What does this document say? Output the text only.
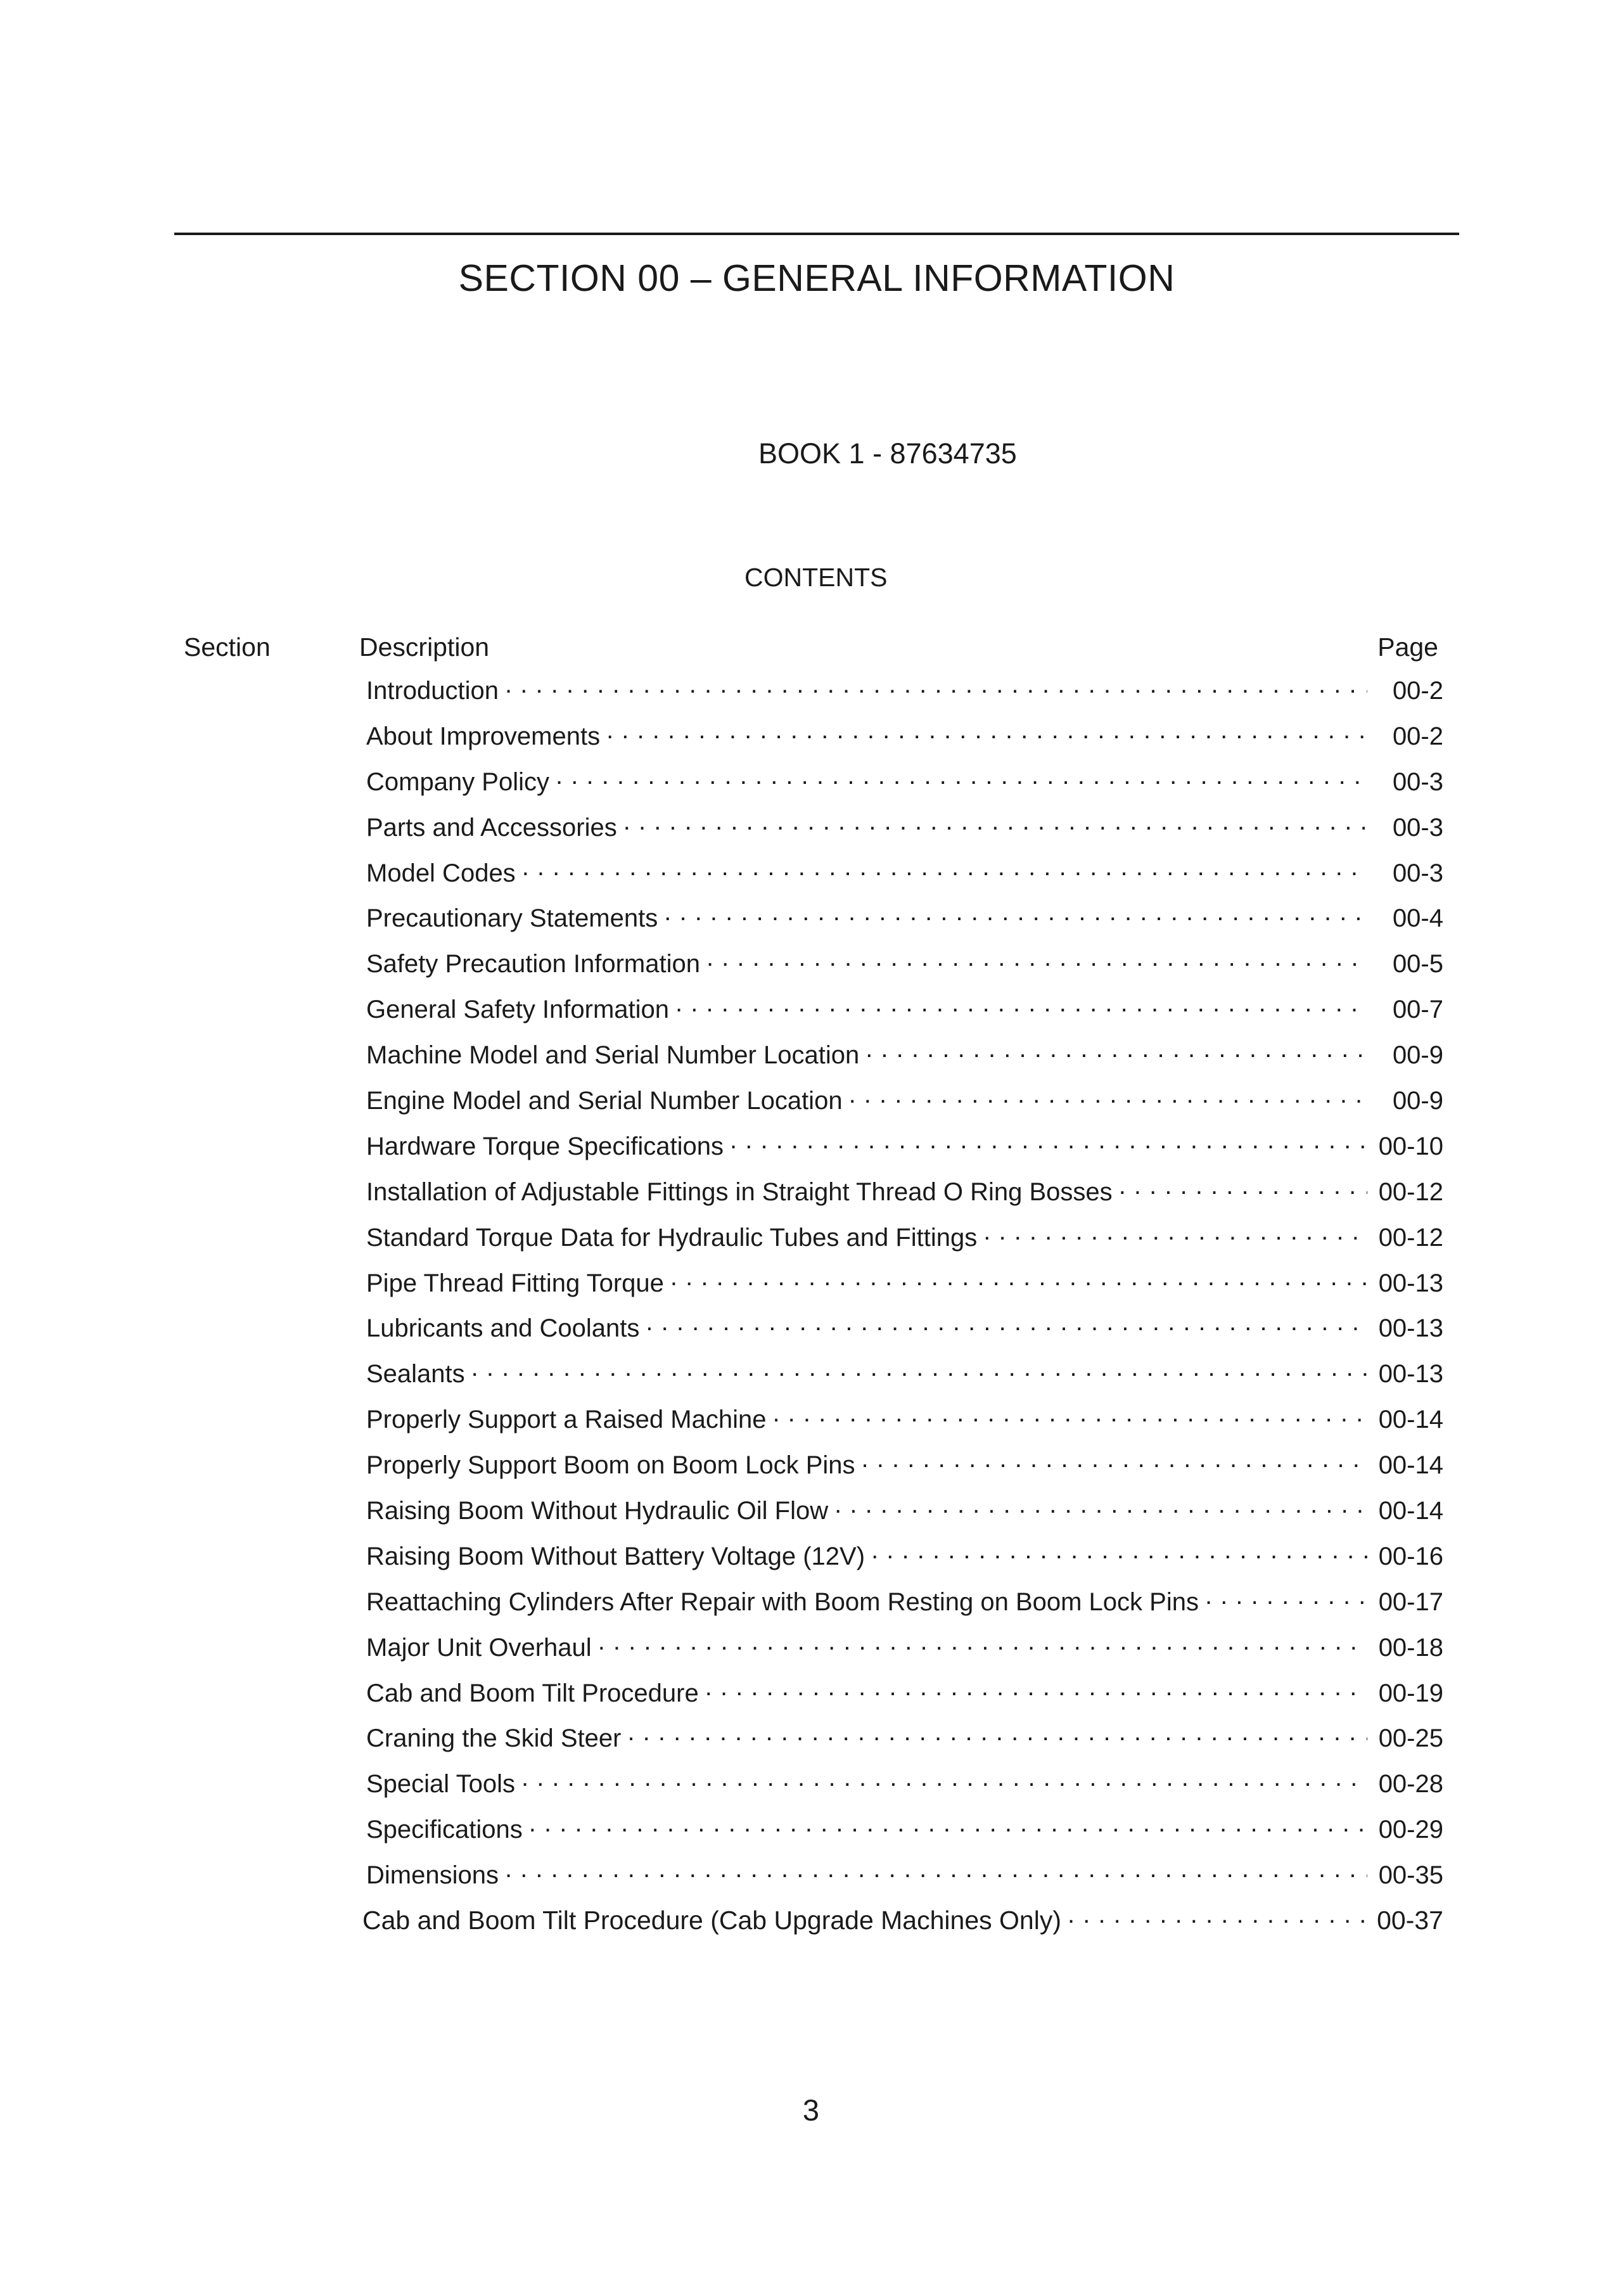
SECTION 00 – GENERAL INFORMATION
BOOK 1 - 87634735
CONTENTS
Section	Description	Page
Introduction . . .	00-2
About Improvements . . .	00-2
Company Policy . . .	00-3
Parts and Accessories . . .	00-3
Model Codes . . .	00-3
Precautionary Statements . . .	00-4
Safety Precaution Information . . .	00-5
General Safety Information . . .	00-7
Machine Model and Serial Number Location . . .	00-9
Engine Model and Serial Number Location . . .	00-9
Hardware Torque Specifications . . .	00-10
Installation of Adjustable Fittings in Straight Thread O Ring Bosses . . .	00-12
Standard Torque Data for Hydraulic Tubes and Fittings . . .	00-12
Pipe Thread Fitting Torque . . .	00-13
Lubricants and Coolants . . .	00-13
Sealants . . .	00-13
Properly Support a Raised Machine . . .	00-14
Properly Support Boom on Boom Lock Pins . . .	00-14
Raising Boom Without Hydraulic Oil Flow . . .	00-14
Raising Boom Without Battery Voltage (12V) . . .	00-16
Reattaching Cylinders After Repair with Boom Resting on Boom Lock Pins . . .	00-17
Major Unit Overhaul . . .	00-18
Cab and Boom Tilt Procedure . . .	00-19
Craning the Skid Steer . . .	00-25
Special Tools . . .	00-28
Specifications . . .	00-29
Dimensions . . .	00-35
Cab and Boom Tilt Procedure (Cab Upgrade Machines Only) . . .	00-37
3
